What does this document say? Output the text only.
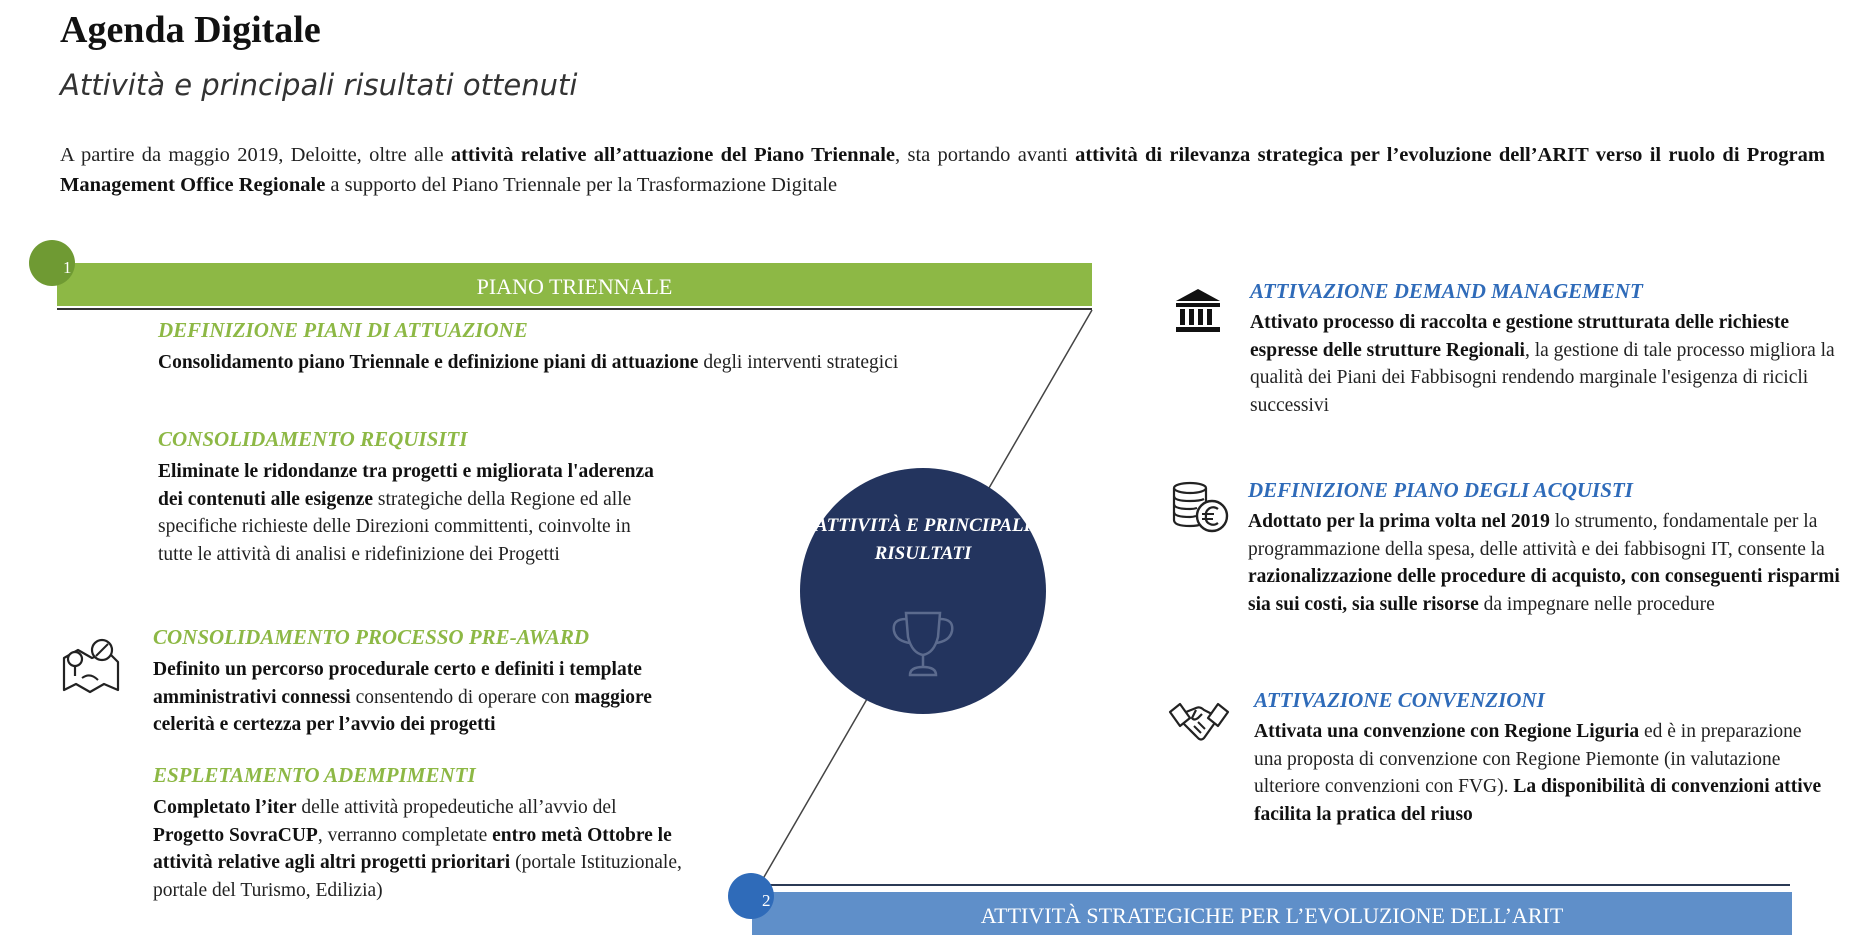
Agenda Digitale
Attività e principali risultati ottenuti
A partire da maggio 2019, Deloitte, oltre alle attività relative all’attuazione del Piano Triennale, sta portando avanti attività di rilevanza strategica per l’evoluzione dell’ARIT verso il ruolo di Program Management Office Regionale a supporto del Piano Triennale per la Trasformazione Digitale
PIANO TRIENNALE
1
DEFINIZIONE PIANI DI ATTUAZIONE
Consolidamento piano Triennale e definizione piani di attuazione degli interventi strategici
CONSOLIDAMENTO REQUISITI
Eliminate le ridondanze tra progetti e migliorata l'aderenza dei contenuti alle esigenze strategiche della Regione ed alle specifiche richieste delle Direzioni committenti, coinvolte in tutte le attività di analisi e ridefinizione dei Progetti
CONSOLIDAMENTO PROCESSO PRE-AWARD
Definito un percorso procedurale certo e definiti i template amministrativi connessi consentendo di operare con maggiore celerità e certezza per l’avvio dei progetti
ESPLETAMENTO ADEMPIMENTI
Completato l’iter delle attività propedeutiche all’avvio del Progetto SovraCUP, verranno completate entro metà Ottobre le attività relative agli altri progetti prioritari (portale Istituzionale, portale del Turismo, Edilizia)
ATTIVITÀ E PRINCIPALI
RISULTATI
ATTIVAZIONE DEMAND MANAGEMENT
Attivato processo di raccolta e gestione strutturata delle richieste espresse delle strutture Regionali, la gestione di tale processo migliora la qualità dei Piani dei Fabbisogni rendendo marginale l'esigenza di ricicli successivi
DEFINIZIONE PIANO DEGLI ACQUISTI
Adottato per la prima volta nel 2019 lo strumento, fondamentale per la programmazione della spesa, delle attività e dei fabbisogni IT, consente la razionalizzazione delle procedure di acquisto, con conseguenti risparmi sia sui costi, sia sulle risorse da impegnare nelle procedure
ATTIVAZIONE CONVENZIONI
Attivata una convenzione con Regione Liguria ed è in preparazione una proposta di convenzione con Regione Piemonte (in valutazione ulteriore convenzioni con FVG). La disponibilità di convenzioni attive facilita la pratica del riuso
ATTIVITÀ STRATEGICHE PER L’EVOLUZIONE DELL’ARIT
2
